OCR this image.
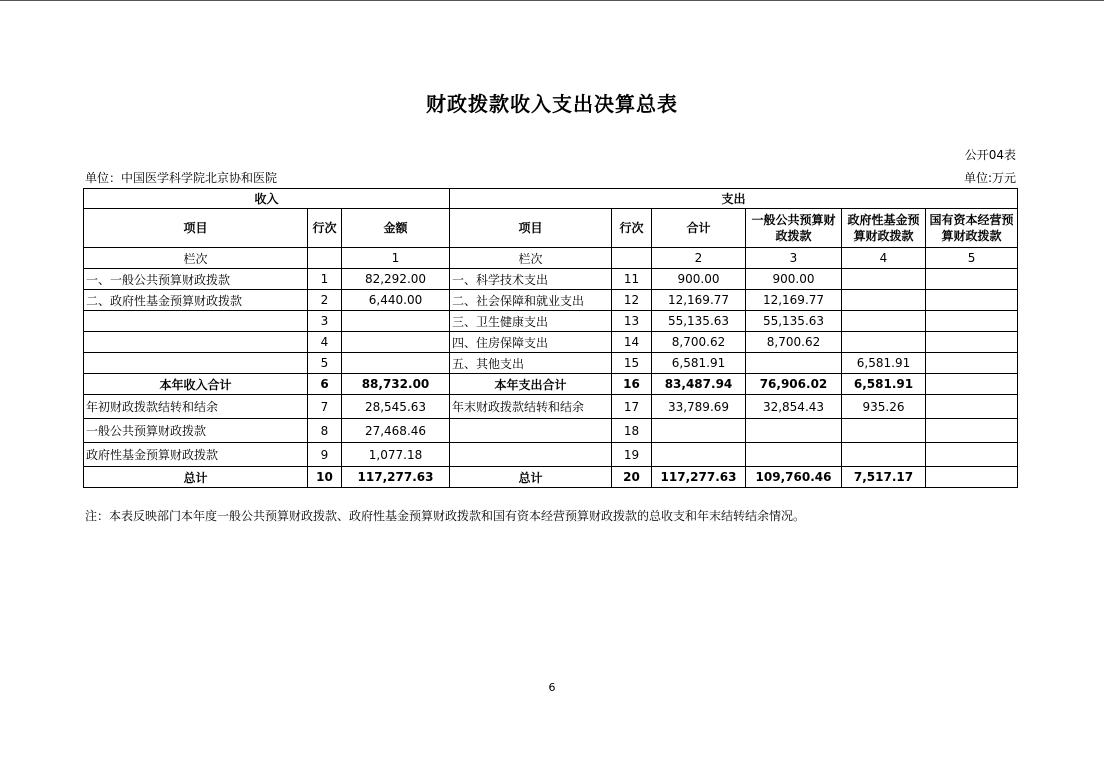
财政拨款收入支出决算总表
公开04表
单位：中国医学科学院北京协和医院	单位:万元
收入			支出					
项目	行次	金额	项目	行次	合计	一般公共预算财政拨款	政府性基金预算财政拨款	国有资本经营预算财政拨款
栏次		1	栏次		2	3	4	5
一、一般公共预算财政拨款	1	82,292.00	一、科学技术支出	11	900.00	900.00		
二、政府性基金预算财政拨款	2	6,440.00	二、社会保障和就业支出	12	12,169.77	12,169.77		
	3		三、卫生健康支出	13	55,135.63	55,135.63		
	4		四、住房保障支出	14	8,700.62	8,700.62		
	5		五、其他支出	15	6,581.91		6,581.91	
本年收入合计	6	88,732.00	本年支出合计	16	83,487.94	76,906.02	6,581.91	
年初财政拨款结转和结余	7	28,545.63	年末财政拨款结转和结余	17	33,789.69	32,854.43	935.26	
一般公共预算财政拨款	8	27,468.46		18				
政府性基金预算财政拨款	9	1,077.18		19				
总计	10	117,277.63	总计	20	117,277.63	109,760.46	7,517.17	
注：本表反映部门本年度一般公共预算财政拨款、政府性基金预算财政拨款和国有资本经营预算财政拨款的总收支和年末结转结余情况。
6
